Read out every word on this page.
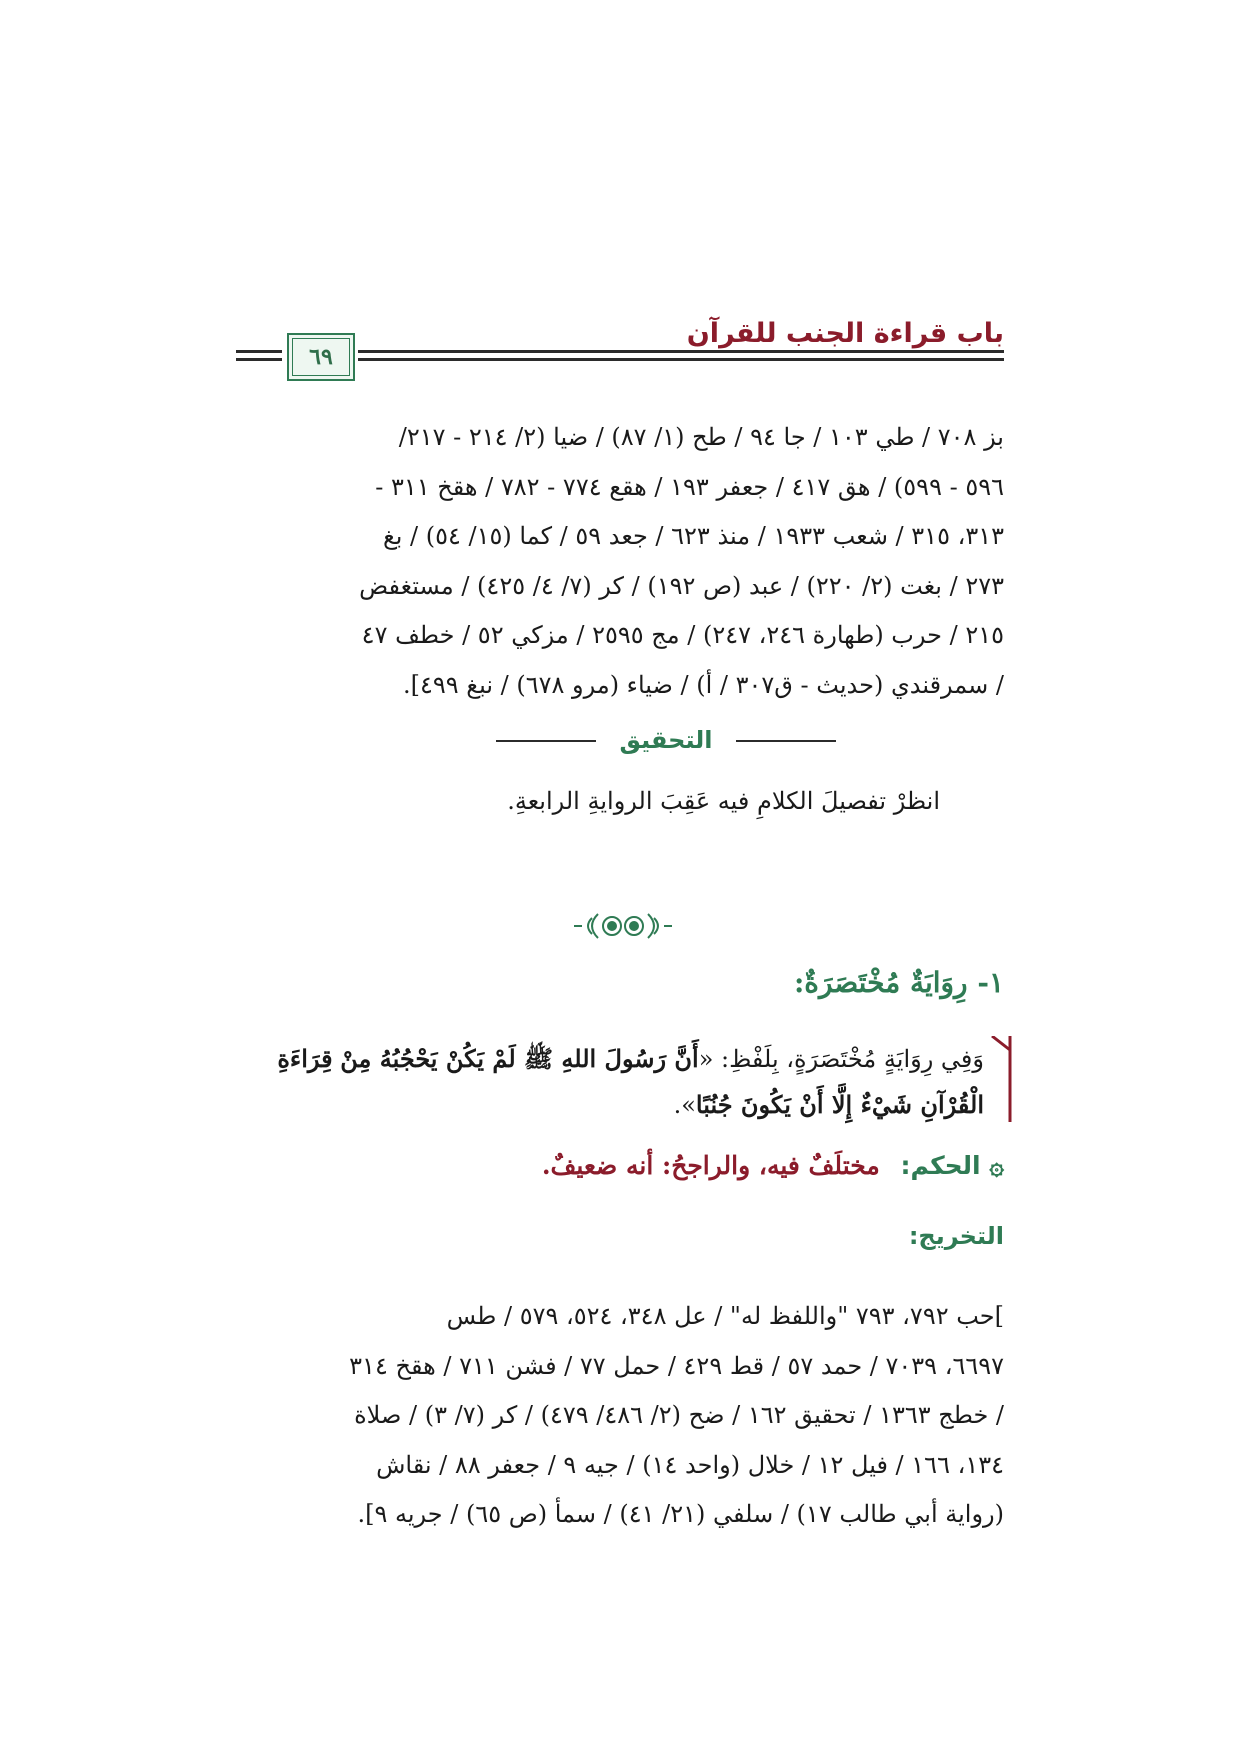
باب قراءة الجنب للقرآن
٦٩
بز ٧٠٨ / طي ١٠٣ / جا ٩٤ / طح (١/ ٨٧) / ضيا (٢/ ٢١٤ - ٢١٧/
٥٩٦ - ٥٩٩) / هق ٤١٧ / جعفر ١٩٣ / هقع ٧٧٤ - ٧٨٢ / هقخ ٣١١ -
٣١٣، ٣١٥ / شعب ١٩٣٣ / منذ ٦٢٣ / جعد ٥٩ / كما (١٥/ ٥٤) / بغ
٢٧٣ / بغت (٢/ ٢٢٠) / عبد (ص ١٩٢) / كر (٧/ ٤/ ٤٢٥) / مستغفض
٢١٥ / حرب (طهارة ٢٤٦، ٢٤٧) / مج ٢٥٩٥ / مزكي ٥٢ / خطف ٤٧
/ سمرقندي (حديث - ق٣٠٧ / أ) / ضياء (مرو ٦٧٨) / نبغ ٤٩٩].
التحقيق
انظرْ تفصيلَ الكلامِ فيه عَقِبَ الروايةِ الرابعةِ.
١- رِوَايَةٌ مُخْتَصَرَةٌ:
وَفِي رِوَايَةٍ مُخْتَصَرَةٍ، بِلَفْظِ: «أَنَّ رَسُولَ اللهِ ﷺ لَمْ يَكُنْ يَحْجُبُهُ مِنْ قِرَاءَةِ الْقُرْآنِ شَيْءٌ إِلَّا أَنْ يَكُونَ جُنُبًا».
۞ الحكم: مختلَفٌ فيه، والراجحُ: أنه ضعيفٌ.
التخريج:
]حب ٧٩٢، ٧٩٣ "واللفظ له" / عل ٣٤٨، ٥٢٤، ٥٧٩ / طس
٦٦٩٧، ٧٠٣٩ / حمد ٥٧ / قط ٤٢٩ / حمل ٧٧ / فشن ٧١١ / هقخ ٣١٤
/ خطج ١٣٦٣ / تحقيق ١٦٢ / ضح (٢/ ٤٨٦/ ٤٧٩) / كر (٧/ ٣) / صلاة
١٣٤، ١٦٦ / فيل ١٢ / خلال (واحد ١٤) / جيه ٩ / جعفر ٨٨ / نقاش
(رواية أبي طالب ١٧) / سلفي (٢١/ ٤١) / سمأ (ص ٦٥) / جريه ٩].
